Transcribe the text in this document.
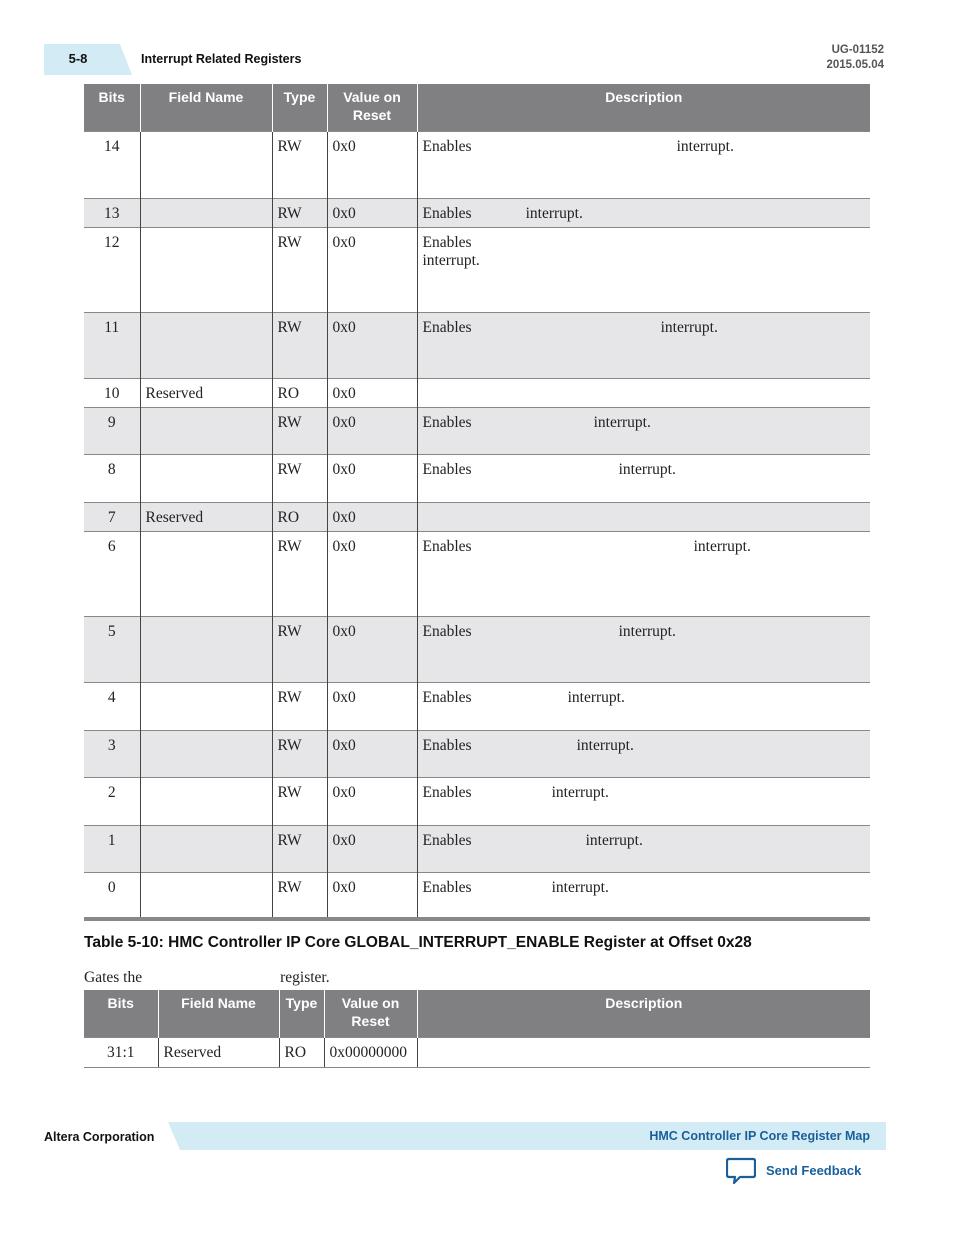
5-8	Interrupt Related Registers
UG-01152
2015.05.04
Bits	Field Name	Type	Value on Reset	Description
14		RW	0x0	Enables interrupt.
13		RW	0x0	Enables interrupt.
12		RW	0x0	Enables
interrupt.

11		RW	0x0	Enables interrupt.
10	Reserved	RO	0x0	
9		RW	0x0	Enables interrupt.
8		RW	0x0	Enables interrupt.
7	Reserved	RO	0x0	
6		RW	0x0	Enables interrupt.
5		RW	0x0	Enables interrupt.
4		RW	0x0	Enables interrupt.
3		RW	0x0	Enables interrupt.
2		RW	0x0	Enables interrupt.
1		RW	0x0	Enables interrupt.
0		RW	0x0	Enables interrupt.
Table 5-10: HMC Controller IP Core GLOBAL_INTERRUPT_ENABLE Register at Offset 0x28
Gates the	register.
Bits	Field Name	Type	Value on Reset	Description
31:1	Reserved	RO	0x00000000	
Altera Corporation	HMC Controller IP Core Register Map
Send Feedback
